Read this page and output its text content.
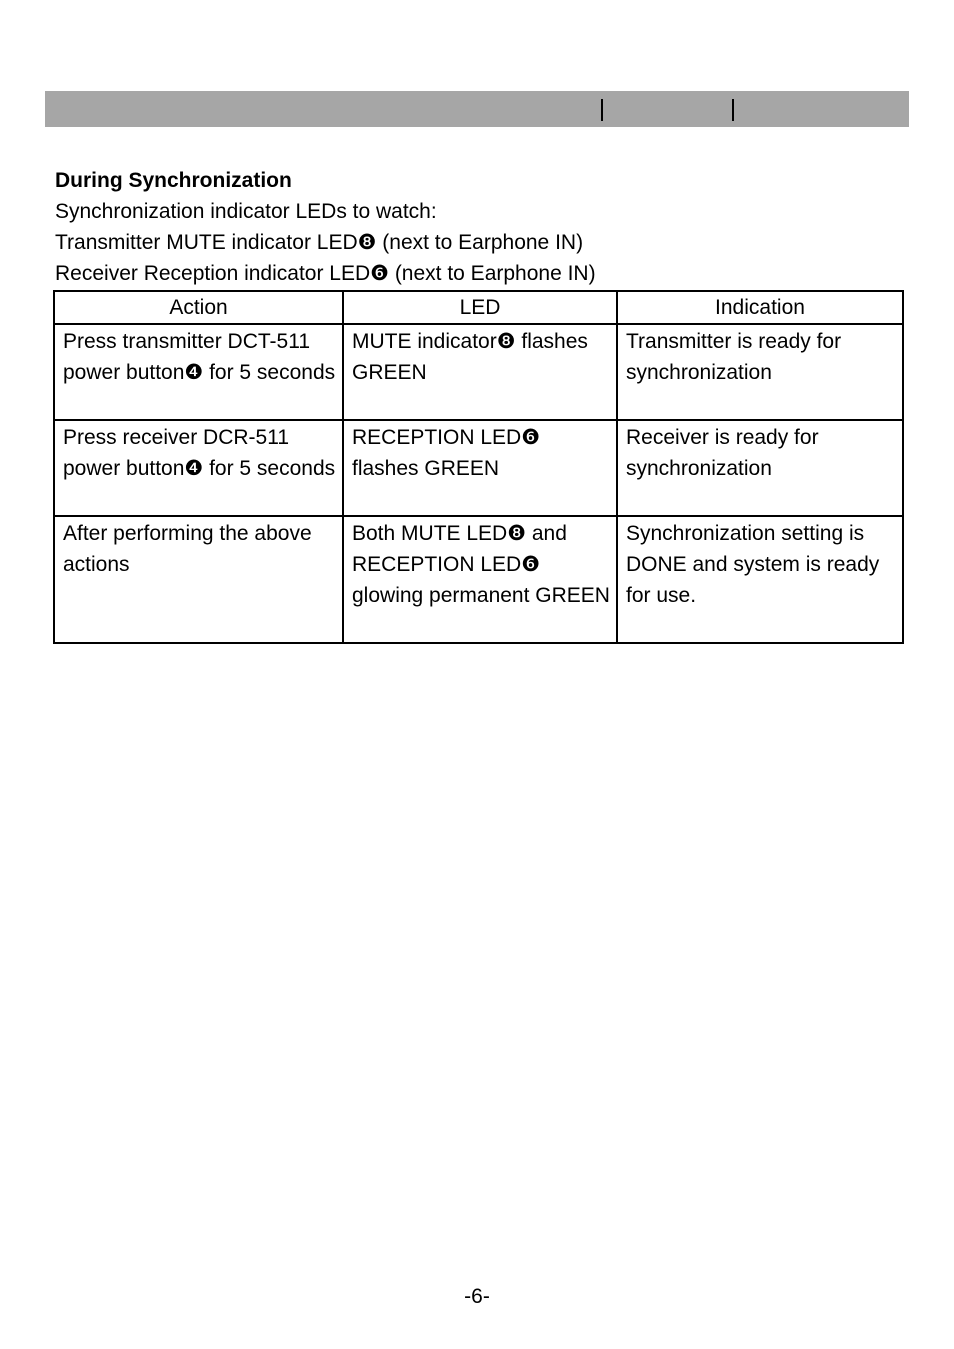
During Synchronization

Synchronization indicator LEDs to watch:

Transmitter MUTE indicator LED❽ (next to Earphone IN)

Receiver Reception indicator LED❻ (next to Earphone IN)

Action	LED	Indication
Press transmitter DCT-511 power button❹ for 5 seconds	MUTE indicator❽ flashes GREEN	Transmitter is ready for synchronization
Press receiver DCR-511 power button❹ for 5 seconds	RECEPTION LED❻ flashes GREEN	Receiver is ready for synchronization
After performing the above actions	Both MUTE LED❽ and RECEPTION LED❻ glowing permanent GREEN	Synchronization setting is DONE and system is ready for use.
-6-
